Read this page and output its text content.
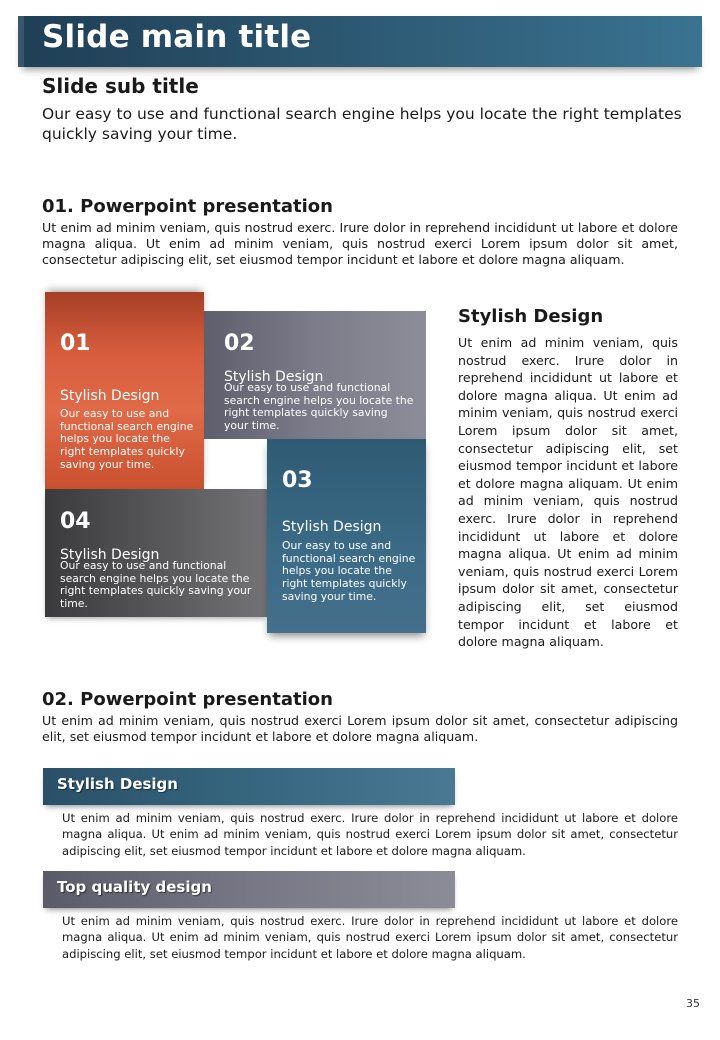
Slide main title
Slide sub title
Our easy to use and functional search engine helps you locate the right templates quickly saving your time.
01. Powerpoint presentation
Ut enim ad minim veniam, quis nostrud exerc. Irure dolor in reprehend incididunt ut labore et dolore magna aliqua. Ut enim ad minim veniam, quis nostrud exerci Lorem ipsum dolor sit amet, consectetur adipiscing elit, set eiusmod tempor incidunt et labore et dolore magna aliquam.
01
Stylish Design
Our easy to use and functional search engine helps you locate the right templates quickly saving your time.
02
Stylish Design
Our easy to use and functional search engine helps you locate the right templates quickly saving your time.
04
Stylish Design
Our easy to use and functional search engine helps you locate the right templates quickly saving your time.
03
Stylish Design
Our easy to use and functional search engine helps you locate the right templates quickly saving your time.
Stylish Design
Ut enim ad minim veniam, quis nostrud exerc. Irure dolor in reprehend incididunt ut labore et dolore magna aliqua. Ut enim ad minim veniam, quis nostrud exerci Lorem ipsum dolor sit amet, consectetur adipiscing elit, set eiusmod tempor incidunt et labore et dolore magna aliquam. Ut enim ad minim veniam, quis nostrud exerc. Irure dolor in reprehend incididunt ut labore et dolore magna aliqua. Ut enim ad minim veniam, quis nostrud exerci Lorem ipsum dolor sit amet, consectetur adipiscing elit, set eiusmod tempor incidunt et labore et dolore magna aliquam.
02. Powerpoint presentation
Ut enim ad minim veniam, quis nostrud exerci Lorem ipsum dolor sit amet, consectetur adipiscing elit, set eiusmod tempor incidunt et labore et dolore magna aliquam.
Stylish Design
Ut enim ad minim veniam, quis nostrud exerc. Irure dolor in reprehend incididunt ut labore et dolore magna aliqua. Ut enim ad minim veniam, quis nostrud exerci Lorem ipsum dolor sit amet, consectetur adipiscing elit, set eiusmod tempor incidunt et labore et dolore magna aliquam.
Top quality design
Ut enim ad minim veniam, quis nostrud exerc. Irure dolor in reprehend incididunt ut labore et dolore magna aliqua. Ut enim ad minim veniam, quis nostrud exerci Lorem ipsum dolor sit amet, consectetur adipiscing elit, set eiusmod tempor incidunt et labore et dolore magna aliquam.
35
